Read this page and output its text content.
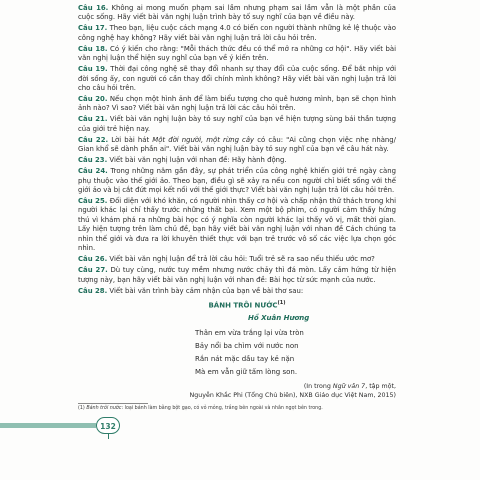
Câu 16. Không ai mong muốn phạm sai lầm nhưng phạm sai lầm vẫn là một phần của cuộc sống. Hãy viết bài văn nghị luận trình bày tố suy nghĩ của bạn về điều này.

Câu 17. Theo bạn, liệu cuộc cách mạng 4.0 có biến con người thành những kẻ lệ thuộc vào công nghệ hay không? Hãy viết bài văn nghị luận trả lời câu hỏi trên.

Câu 18. Có ý kiến cho rằng: "Mỗi thách thức đều có thể mở ra những cơ hội". Hãy viết bài văn nghị luận thể hiện suy nghĩ của bạn về ý kiến trên.

Câu 19. Thời đại công nghệ sẽ thay đổi nhanh sự thay đổi của cuộc sống. Để bắt nhịp với đời sống ấy, con người có cần thay đổi chính mình không? Hãy viết bài văn nghị luận trả lời cho câu hỏi trên.

Câu 20. Nếu chọn một hình ảnh để làm biểu tượng cho quê hương mình, bạn sẽ chọn hình ảnh nào? Vì sao? Viết bài văn nghị luận trả lời các câu hỏi trên.

Câu 21. Viết bài văn nghị luận bày tỏ suy nghĩ của bạn về hiện tượng sùng bái thần tượng của giới trẻ hiện nay.

Câu 22. Lời bài hát Một đời người, một rừng cây có câu: "Ai cũng chọn việc nhẹ nhàng/ Gian khổ sẽ dành phần ai". Viết bài văn nghị luận bày tỏ suy nghĩ của bạn về câu hát này.

Câu 23. Viết bài văn nghị luận với nhan đề: Hãy hành động.

Câu 24. Trong những năm gần đây, sự phát triển của công nghệ khiến giới trẻ ngày càng phụ thuộc vào thế giới ảo. Theo bạn, điều gì sẽ xảy ra nếu con người chỉ biết sống với thế giới ảo và bị cắt đứt mọi kết nối với thế giới thực? Viết bài văn nghị luận trả lời câu hỏi trên.

Câu 25. Đối diện với khó khăn, có người nhìn thấy cơ hội và chấp nhận thử thách trong khi người khác lại chỉ thấy trước những thất bại. Xem một bộ phim, có người cảm thấy hứng thú vì khám phá ra những bài học có ý nghĩa còn người khác lại thấy vô vị, mất thời gian. Lấy hiện tượng trên làm chủ đề, bạn hãy viết bài văn nghị luận với nhan đề Cách chúng ta nhìn thế giới và đưa ra lời khuyên thiết thực với bạn trẻ trước vô số các việc lựa chọn góc nhìn.

Câu 26. Viết bài văn nghị luận để trả lời câu hỏi: Tuổi trẻ sẽ ra sao nếu thiếu ước mơ?

Câu 27. Dù tuy cùng, nước tuy mềm nhưng nước chảy thì đá mòn. Lấy cảm hứng từ hiện tượng này, bạn hãy viết bài văn nghị luận với nhan đề: Bài học từ sức mạnh của nước.

Câu 28. Viết bài văn trình bày cảm nhận của bạn về bài thơ sau:

BÁNH TRÔI NƯỚC$^{(1)}$
Hồ Xuân Hương
Thân em vừa trắng lại vừa tròn
Bảy nổi ba chìm với nước non
Rắn nát mặc dầu tay kẻ nặn
Mà em vẫn giữ tấm lòng son.
(In trong Ngữ văn 7, tập một,
Nguyễn Khắc Phi (Tổng Chủ biên), NXB Giáo dục Việt Nam, 2015)
(1) Bánh trôi nước: loại bánh làm bằng bột gạo, có vỏ mỏng, trắng bên ngoài và nhân ngọt bên trong.
132
